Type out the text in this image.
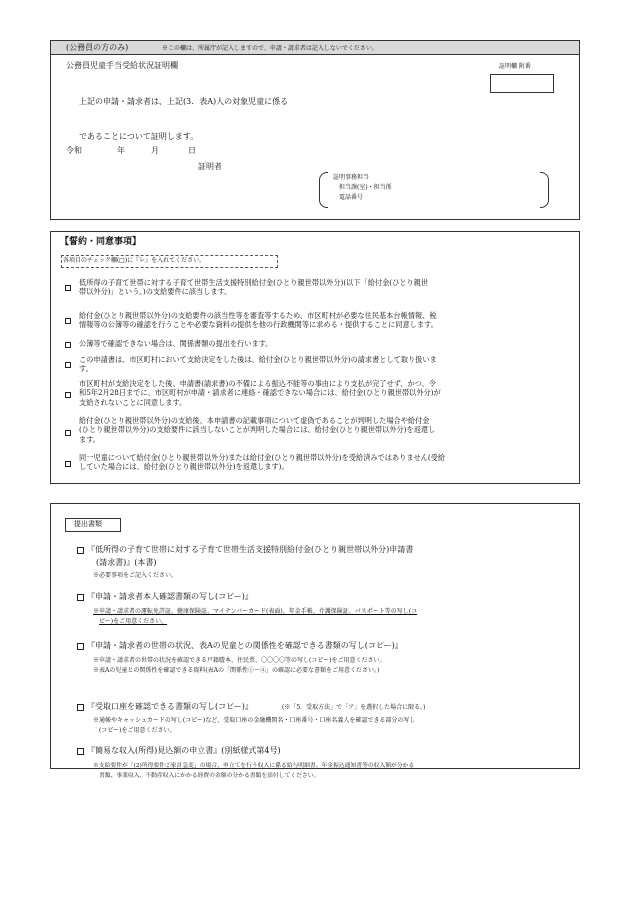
(公務員の方のみ)	※この欄は、所属庁が記入しますので、申請・請求者は記入しないでください。
公務員児童手当受給状況証明欄	証明欄 附番
上記の申請・請求者は、上記(3．表A)人の対象児童に係る
であることについて証明します。
令和	年	月	日
証明者
証明事務担当
担当課(室)・担当係
電話番号
【誓約・同意事項】
各項目のチェック欄(□)に『レ』を入れてください。
低所得の子育て世帯に対する子育て世帯生活支援特別給付金(ひとり親世帯以外分)(以下「給付金(ひとり親世
帯以外分)」という。)の支給要件に該当します。
給付金(ひとり親世帯以外分)の支給要件の該当性等を審査等するため、市区町村が必要な住民基本台帳情報、税
情報等の公簿等の確認を行うことや必要な資料の提供を他の行政機関等に求める・提供することに同意します。
公簿等で確認できない場合は、関係書類の提出を行います。
この申請書は、市区町村において支給決定をした後は、給付金(ひとり親世帯以外分)の請求書として取り扱いま
す。
市区町村が支給決定をした後、申請書(請求書)の不備による振込不能等の事由により支払が完了せず、かつ、令
和5年2月28日までに、市区町村が申請・請求者に連絡・確認できない場合には、給付金(ひとり親世帯以外分)が
支給されないことに同意します。
給付金(ひとり親世帯以外分)の支給後、本申請書の記載事項について虚偽であることが判明した場合や給付金
(ひとり親世帯以外分)の支給要件に該当しないことが判明した場合には、給付金(ひとり親世帯以外分)を返還し
ます。
同一児童について給付金(ひとり親世帯以外分)または給付金(ひとり親世帯以外分)を受給済みではありません(受給
していた場合には、給付金(ひとり親世帯以外分)を返還します)。
提出書類
『低所得の子育て世帯に対する子育て世帯生活支援特別給付金(ひとり親世帯以外分)申請書
(請求書)』(本書)
※必要事項をご記入ください。
『申請・請求者本人確認書類の写し(コピー)』
※申請・請求者の運転免許証、健康保険証、マイナンバーカード(表面)、年金手帳、介護保険証、パスポート等の写し(コ
ピー)をご用意ください。
『申請・請求者の世帯の状況、表Aの児童との関係性を確認できる書類の写し(コピー)』
※申請・請求者の世帯の状況を確認できる戸籍謄本、住民票、〇〇〇〇等の写し(コピー)をご用意ください。
※表Aの児童との関係性を確認できる資料(表Aの「関係性①～④」の確認に必要な書類をご用意ください。)
『受取口座を確認できる書類の写し(コピー)』	(※「5．受取方法」で「ア」を選択した場合に限る。)
※通帳やキャッシュカードの写し(コピー)など、受取口座の金融機関名・口座番号・口座名義人を確認できる部分の写し
(コピー)をご用意ください。
『簡易な収入(所得)見込額の申立書』(別紙様式第4号)
※支給要件が「(2)所得要件②家計急変」の場合、申立てを行う収入に係る給与明細書、年金振込通知書等の収入額が分かる
書類、事業収入、不動産収入にかかる経費の金額の分かる書類を添付してください。
